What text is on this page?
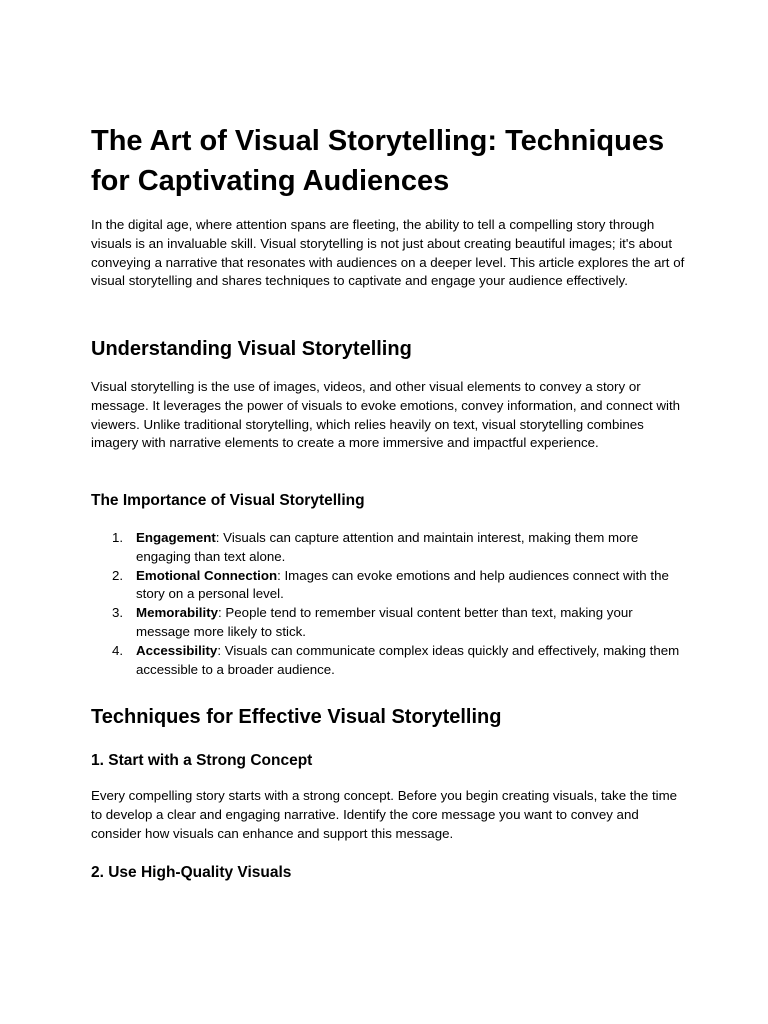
The Art of Visual Storytelling: Techniques for Captivating Audiences

In the digital age, where attention spans are fleeting, the ability to tell a compelling story through visuals is an invaluable skill. Visual storytelling is not just about creating beautiful images; it's about conveying a narrative that resonates with audiences on a deeper level. This article explores the art of visual storytelling and shares techniques to captivate and engage your audience effectively.

Understanding Visual Storytelling

Visual storytelling is the use of images, videos, and other visual elements to convey a story or message. It leverages the power of visuals to evoke emotions, convey information, and connect with viewers. Unlike traditional storytelling, which relies heavily on text, visual storytelling combines imagery with narrative elements to create a more immersive and impactful experience.

The Importance of Visual Storytelling
1. Engagement: Visuals can capture attention and maintain interest, making them more engaging than text alone.
2. Emotional Connection: Images can evoke emotions and help audiences connect with the story on a personal level.
3. Memorability: People tend to remember visual content better than text, making your message more likely to stick.
4. Accessibility: Visuals can communicate complex ideas quickly and effectively, making them accessible to a broader audience.
Techniques for Effective Visual Storytelling
1. Start with a Strong Concept

Every compelling story starts with a strong concept. Before you begin creating visuals, take the time to develop a clear and engaging narrative. Identify the core message you want to convey and consider how visuals can enhance and support this message.

2. Use High-Quality Visuals
